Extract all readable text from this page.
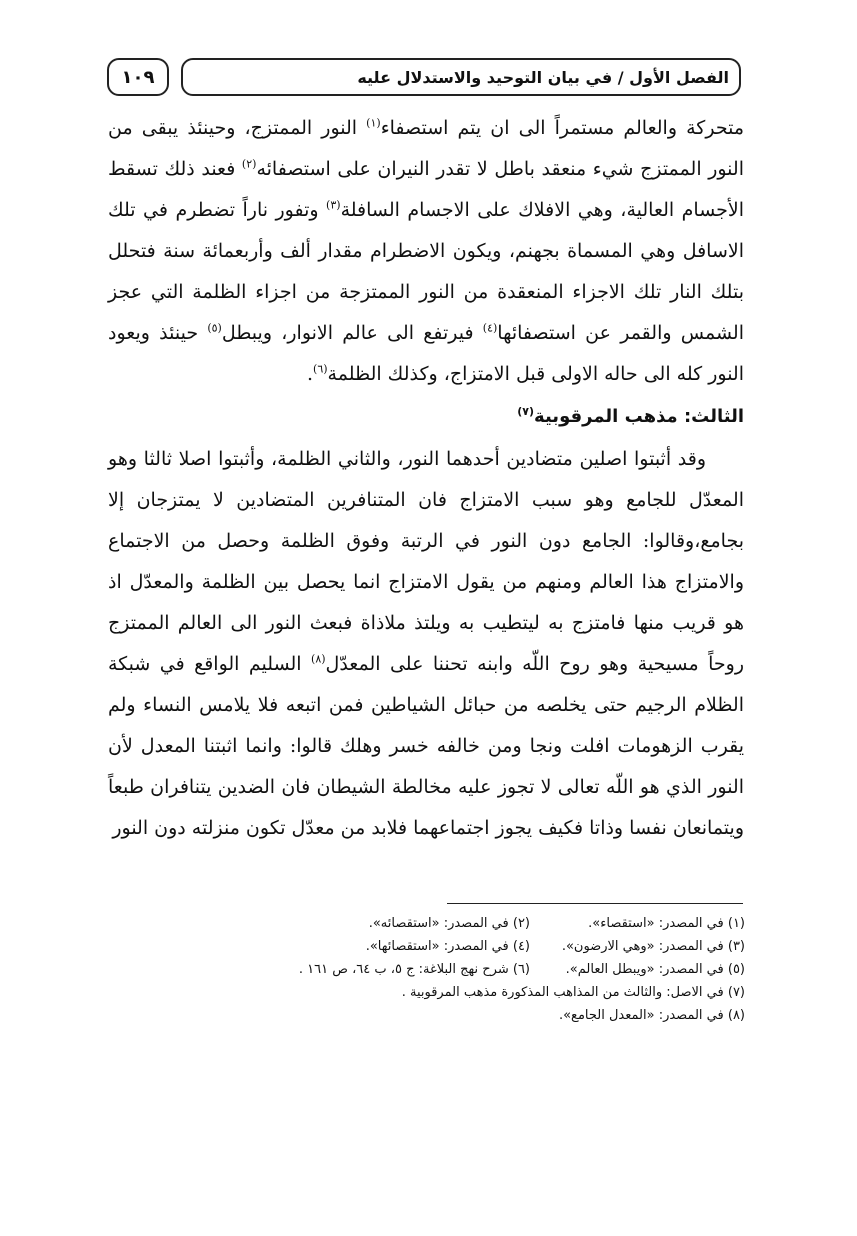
الفصل الأول / في بيان التوحيد والاستدلال عليه
١٠٩

متحركة والعالم مستمراً الى ان يتم استصفاء$^{(١)}$ النور الممتزج، وحينئذ يبقى من النور الممتزج شيء منعقد باطل لا تقدر النيران على استصفائه$^{(٢)}$ فعند ذلك تسقط الأجسام العالية، وهي الافلاك على الاجسام السافلة$^{(٣)}$ وتفور ناراً تضطرم في تلك الاسافل وهي المسماة بجهنم، ويكون الاضطرام مقدار ألف وأربعمائة سنة فتحلل بتلك النار تلك الاجزاء المنعقدة من النور الممتزجة من اجزاء الظلمة التي عجز الشمس والقمر عن استصفائها$^{(٤)}$ فيرتفع الى عالم الانوار، ويبطل$^{(٥)}$ حينئذ ويعود النور كله الى حاله الاولى قبل الامتزاج، وكذلك الظلمة$^{(٦)}$.

الثالث: مذهب المرقوبية$^{(٧)}$

وقد أثبتوا اصلين متضادين أحدهما النور، والثاني الظلمة، وأثبتوا اصلا ثالثا وهو المعدّل للجامع وهو سبب الامتزاج فان المتنافرين المتضادين لا يمتزجان إلا بجامع،وقالوا: الجامع دون النور في الرتبة وفوق الظلمة وحصل من الاجتماع والامتزاج هذا العالم ومنهم من يقول الامتزاج انما يحصل بين الظلمة والمعدّل اذ هو قريب منها فامتزج به ليتطيب به ويلتذ ملاذاة فبعث النور الى العالم الممتزج روحاً مسيحية وهو روح اللّه وابنه تحننا على المعدّل$^{(٨)}$ السليم الواقع في شبكة الظلام الرجيم حتى يخلصه من حبائل الشياطين فمن اتبعه فلا يلامس النساء ولم يقرب الزهومات افلت ونجا ومن خالفه خسر وهلك قالوا: وانما اثبتنا المعدل لأن النور الذي هو اللّه تعالى لا تجوز عليه مخالطة الشيطان فان الضدين يتنافران طبعاً ويتمانعان نفسا وذاتا فكيف يجوز اجتماعهما فلابد من معدّل تكون منزلته دون النور

(١) في المصدر: «استقصاء».
(٢) في المصدر: «استقصائه».
(٣) في المصدر: «وهي الارضون».
(٤) في المصدر: «استقصائها».
(٥) في المصدر: «ويبطل العالم».
(٦) شرح نهج البلاغة: ج ٥، ب ٦٤، ص ١٦١ .
(٧) في الاصل: والثالث من المذاهب المذكورة مذهب المرقوبية .
(٨) في المصدر: «المعدل الجامع».
